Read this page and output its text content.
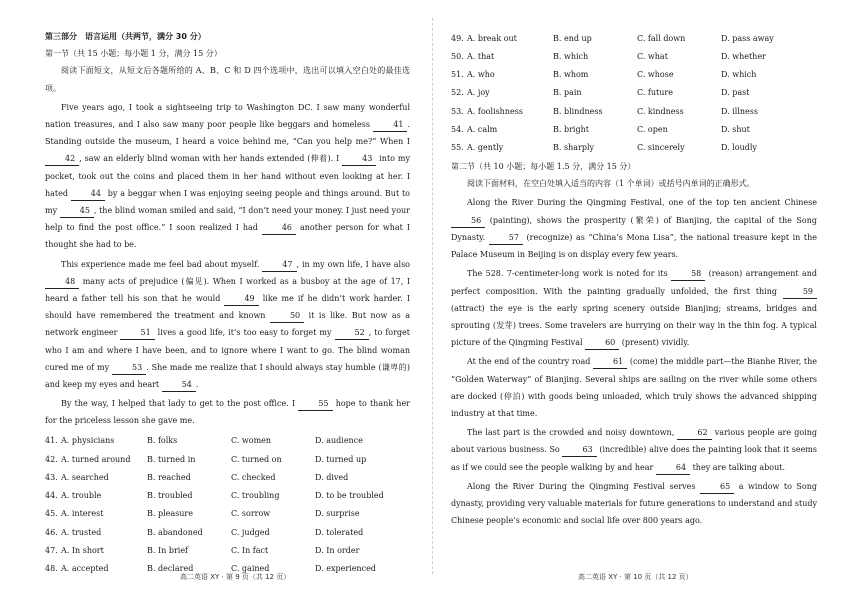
第三部分　语言运用（共两节，满分 30 分）

第一节（共 15 小题；每小题 1 分，满分 15 分）

阅读下面短文，从短文后各题所给的 A、B、C 和 D 四个选项中，选出可以填入空白处的最佳选项。

Five years ago, I took a sightseeing trip to Washington DC. I saw many wonderful nation treasures, and I also saw many poor people like beggars and homeless	41 . Standing outside the museum, I heard a voice behind me, “Can you help me?” When I 42 , saw an elderly blind woman with her hands extended (伸着). I	43 into my pocket, took out the coins and placed them in her hand without even looking at her. I hated	44 by a beggar when I was enjoying seeing people and things around. But to my	45 , the blind woman smiled and said, “I don’t need your money. I just need your help to find the post office.” I soon realized I had	46 another person for what I thought she had to be.

This experience made me feel bad about myself.	47 , in my own life, I have also 48 many acts of prejudice (偏见). When I worked as a busboy at the age of 17, I heard a father tell his son that he would	49 like me if he didn’t work harder. I should have remembered the treatment and known	50 it is like. But now as a network engineer	51 lives a good life, it’s too easy to forget my	52 , to forget who I am and where I have been, and to ignore where I want to go. The blind woman cured me of my	53 . She made me realize that I should always stay humble (谦卑的) and keep my eyes and heart	54 .

By the way, I helped that lady to get to the post office. I	55 hope to thank her for the priceless lesson she gave me.

41. A. physicians	B. folks	C. women	D. audience
42. A. turned around	B. turned in	C. turned on	D. turned up
43. A. searched	B. reached	C. checked	D. dived
44. A. trouble	B. troubled	C. troubling	D. to be troubled
45. A. interest	B. pleasure	C. sorrow	D. surprise
46. A. trusted	B. abandoned	C. judged	D. tolerated
47. A. In short	B. In brief	C. In fact	D. In order
48. A. accepted	B. declared	C. gained	D. experienced
49. A. break out	B. end up	C. fall down	D. pass away
50. A. that	B. which	C. what	D. whether
51. A. who	B. whom	C. whose	D. which
52. A. joy	B. pain	C. future	D. past
53. A. foolishness	B. blindness	C. kindness	D. illness
54. A. calm	B. bright	C. open	D. shut
55. A. gently	B. sharply	C. sincerely	D. loudly

第二节（共 10 小题；每小题 1.5 分，满分 15 分）

阅读下面材料，在空白处填入适当的内容（1 个单词）或括号内单词的正确形式。

Along the River During the Qingming Festival, one of the top ten ancient Chinese 56 (painting), shows the prosperity (繁荣) of Bianjing, the capital of the Song Dynasty.	57 (recognize) as “China’s Mona Lisa”, the national treasure kept in the Palace Museum in Beijing is on display every few years.

The 528. 7-centimeter-long work is noted for its	58 (reason) arrangement and perfect composition. With the painting gradually unfolded, the first thing	59 (attract) the eye is the early spring scenery outside Bianjing; streams, bridges and sprouting (发芽) trees. Some travelers are hurrying on their way in the thin fog. A typical picture of the Qingming Festival	60 (present) vividly.

At the end of the country road	61 (come) the middle part—the Bianhe River, the “Golden Waterway” of Bianjing. Several ships are sailing on the river while some others are docked (停泊) with goods being unloaded, which truly shows the advanced shipping industry at that time.

The last part is the crowded and noisy downtown,	62 various people are going about various business. So	63 (incredible) alive does the painting look that it seems as if we could see the people walking by and hear	64 they are talking about.

Along the River During the Qingming Festival serves	65 a window to Song dynasty, providing very valuable materials for future generations to understand and study Chinese people’s economic and social life over 800 years ago.

高二英语 XY · 第 9 页（共 12 页）	高二英语 XY · 第 10 页（共 12 页）
